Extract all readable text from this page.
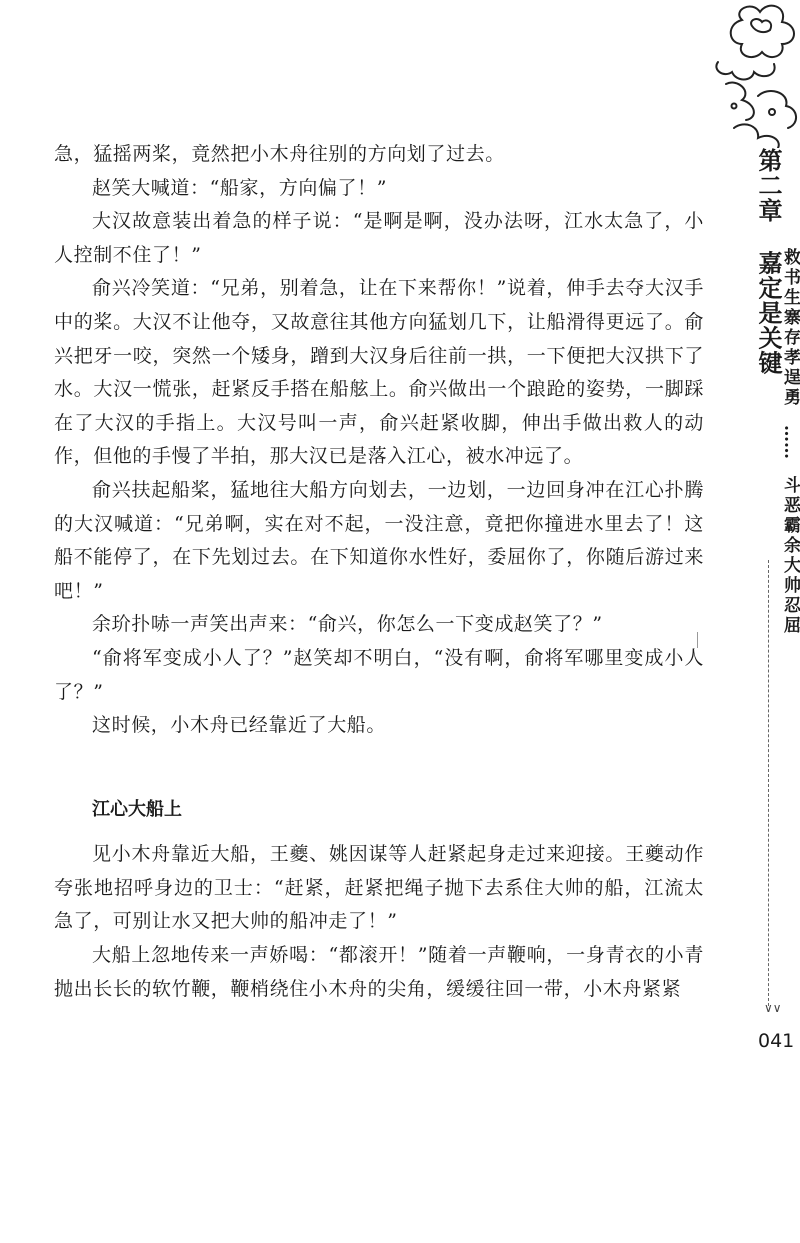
第二章 嘉定是关键
救书生寨存孝逞勇 …… 斗恶霸余大帅忍屈
∨∨
041

急，猛摇两桨，竟然把小木舟往别的方向划了过去。

赵笑大喊道：“船家，方向偏了！”

大汉故意装出着急的样子说：“是啊是啊，没办法呀，江水太急了，小人控制不住了！”

俞兴冷笑道：“兄弟，别着急，让在下来帮你！”说着，伸手去夺大汉手中的桨。大汉不让他夺，又故意往其他方向猛划几下，让船滑得更远了。俞兴把牙一咬，突然一个矮身，蹭到大汉身后往前一拱，一下便把大汉拱下了水。大汉一慌张，赶紧反手搭在船舷上。俞兴做出一个踉跄的姿势，一脚踩在了大汉的手指上。大汉号叫一声，俞兴赶紧收脚，伸出手做出救人的动作，但他的手慢了半拍，那大汉已是落入江心，被水冲远了。

俞兴扶起船桨，猛地往大船方向划去，一边划，一边回身冲在江心扑腾的大汉喊道：“兄弟啊，实在对不起，一没注意，竟把你撞进水里去了！这船不能停了，在下先划过去。在下知道你水性好，委屈你了，你随后游过来吧！”

余玠扑哧一声笑出声来：“俞兴，你怎么一下变成赵笑了？”

“俞将军变成小人了？”赵笑却不明白，“没有啊，俞将军哪里变成小人了？”

这时候，小木舟已经靠近了大船。

江心大船上

见小木舟靠近大船，王夔、姚因谋等人赶紧起身走过来迎接。王夔动作夸张地招呼身边的卫士：“赶紧，赶紧把绳子抛下去系住大帅的船，江流太急了，可别让水又把大帅的船冲走了！”

大船上忽地传来一声娇喝：“都滚开！”随着一声鞭响，一身青衣的小青抛出长长的软竹鞭，鞭梢绕住小木舟的尖角，缓缓往回一带，小木舟紧紧
